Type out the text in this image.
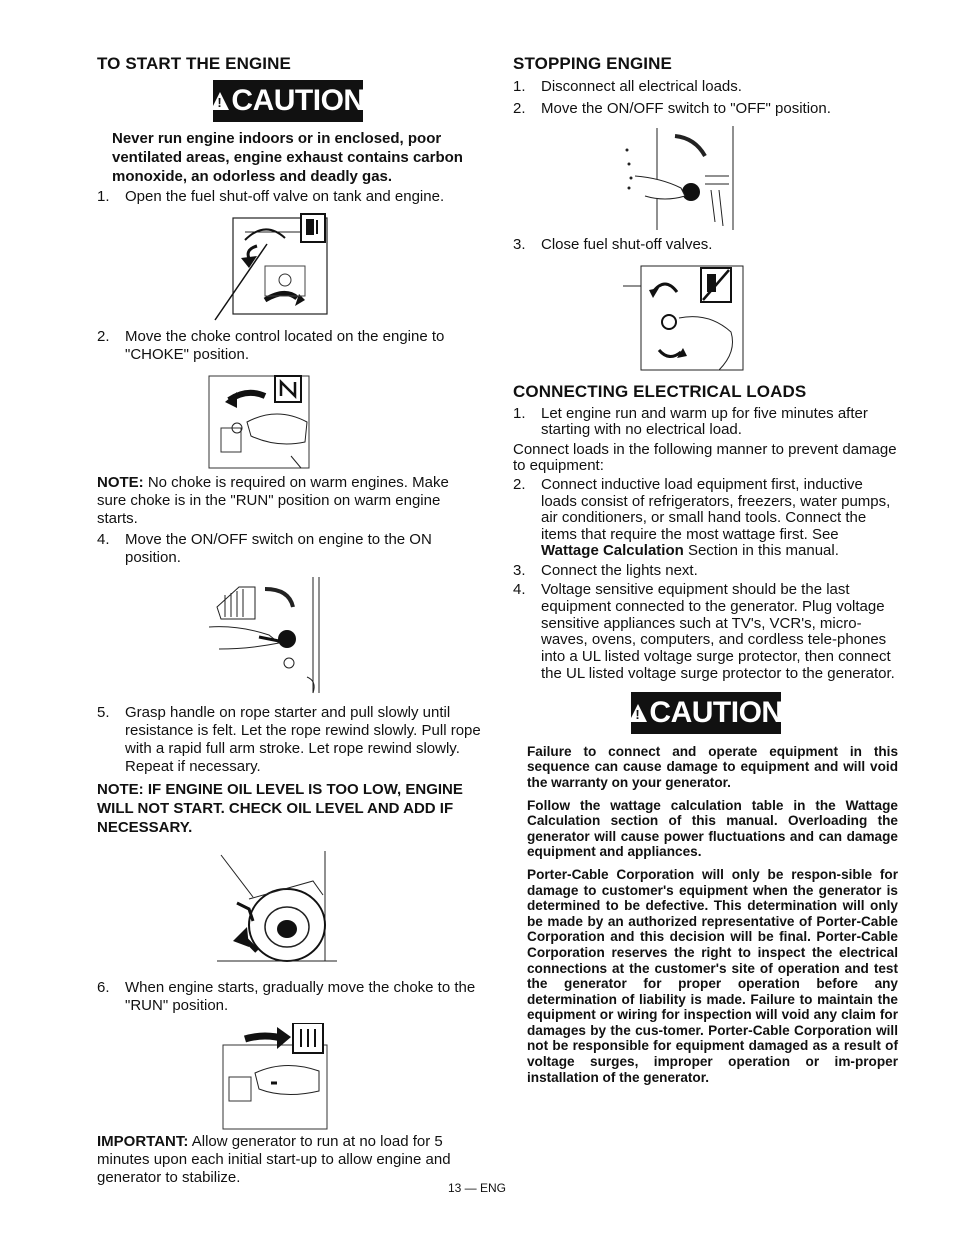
TO START THE ENGINE
!
CAUTION

Never run engine indoors or in enclosed, poor ventilated areas, engine exhaust contains carbon monoxide, an odorless and deadly gas.

1. Open the fuel shut-off valve on tank and engine.

2. Move the choke control located on the engine to "CHOKE" position.

NOTE: No choke is required on warm engines. Make sure choke is in the "RUN" position on warm engine starts.

4. Move the ON/OFF switch on engine to the ON position.

5. Grasp handle on rope starter and pull slowly until resistance is felt. Let the rope rewind slowly. Pull rope with a rapid full arm stroke. Let rope rewind slowly. Repeat if necessary.

NOTE: IF ENGINE OIL LEVEL IS TOO LOW, ENGINE WILL NOT START. CHECK OIL LEVEL AND ADD IF NECESSARY.

6. When engine starts, gradually move the choke to the "RUN" position.

IMPORTANT: Allow generator to run at no load for 5 minutes upon each initial start-up to allow engine and generator to stabilize.

STOPPING ENGINE

1. Disconnect all electrical loads.

2. Move the ON/OFF switch to "OFF" position.

3. Close fuel shut-off valves.

CONNECTING ELECTRICAL LOADS

1. Let engine run and warm up for five minutes after starting with no electrical load.

Connect loads in the following manner to prevent damage to equipment:

2. Connect inductive load equipment first, inductive loads consist of refrigerators, freezers, water pumps, air conditioners, or small hand tools. Connect the items that require the most wattage first. See Wattage Calculation Section in this manual.

3. Connect the lights next.

4. Voltage sensitive equipment should be the last equipment connected to the generator. Plug voltage sensitive appliances such at TV's, VCR's, micro-waves, ovens, computers, and cordless tele-phones into a UL listed voltage surge protector, then connect the UL listed voltage surge protector to the generator.

!
CAUTION

Failure to connect and operate equipment in this sequence can cause damage to equipment and will void the warranty on your generator.

Follow the wattage calculation table in the Wattage Calculation section of this manual. Overloading the generator will cause power fluctuations and can damage equipment and appliances.

Porter-Cable Corporation will only be respon-sible for damage to customer's equipment when the generator is determined to be defective. This determination will only be made by an authorized representative of Porter-Cable Corporation and this decision will be final. Porter-Cable Corporation reserves the right to inspect the electrical connections at the customer's site of operation and test the generator for proper operation before any determination of liability is made. Failure to maintain the equipment or wiring for inspection will void any claim for damages by the cus-tomer. Porter-Cable Corporation will not be responsible for equipment damaged as a result of voltage surges, improper operation or im-proper installation of the generator.

13 — ENG
